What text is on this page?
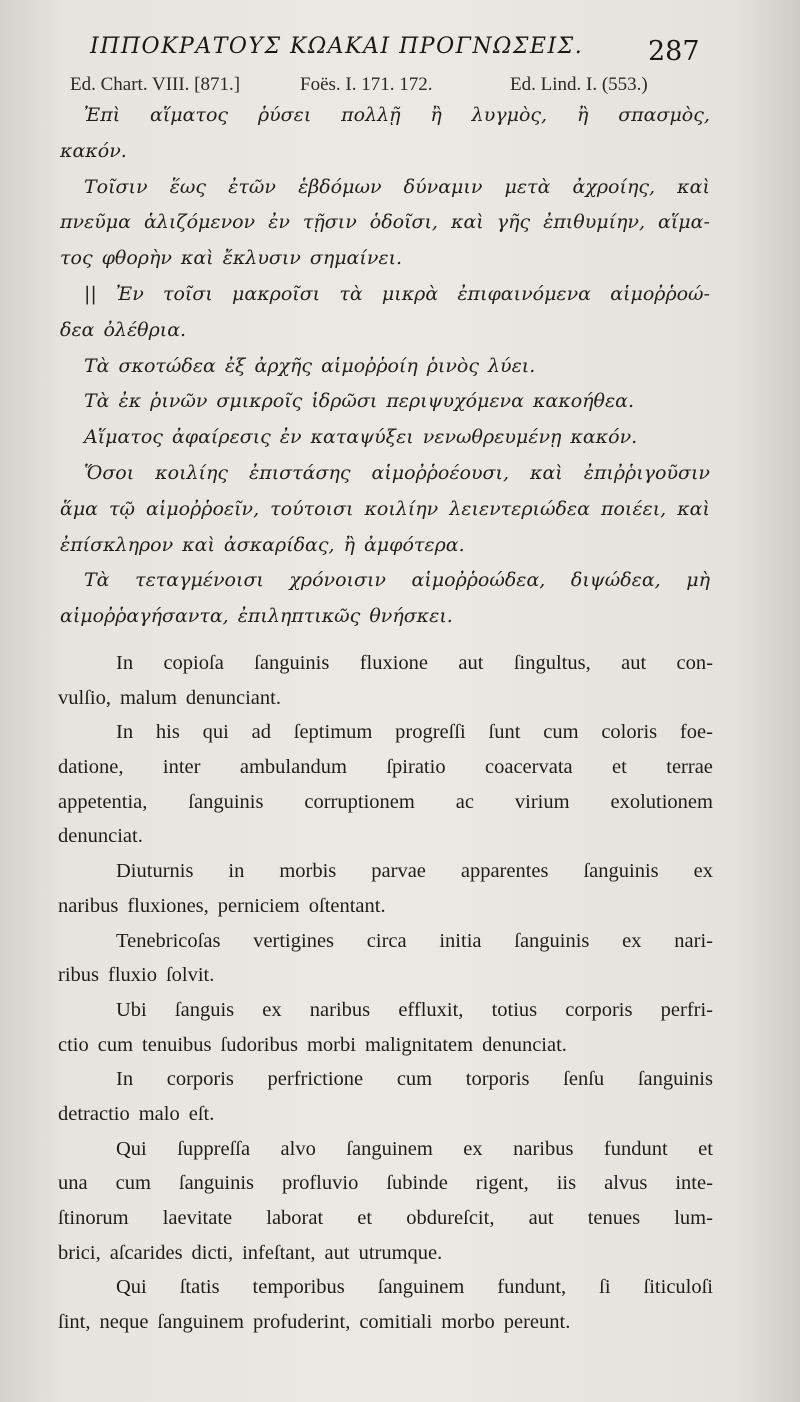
ΙΠΠΟΚΡΑΤΟΥΣ ΚΩΑΚΑΙ ΠΡΟΓΝΩΣΕΙΣ. 287
Ed. Chart. VIII. [871.]	Foës. I. 171. 172.	Ed. Lind. I. (553.)
Ἐπὶ αἵματος ῥύσει πολλῇ ἢ λυγμὸς, ἢ σπασμὸς,
κακόν.
Τοῖσιν ἕως ἐτῶν ἑβδόμων δύναμιν μετὰ ἀχροίης, καὶ
πνεῦμα ἁλιζόμενον ἐν τῇσιν ὁδοῖσι, καὶ γῆς ἐπιθυμίην, αἵμα-
τος φθορὴν καὶ ἔκλυσιν σημαίνει.
|| Ἐν τοῖσι μακροῖσι τὰ μικρὰ ἐπιφαινόμενα αἱμοῤῥοώ-
δεα ὀλέθρια.
Τὰ σκοτώδεα ἐξ ἀρχῆς αἱμοῤῥοίη ῥινὸς λύει.
Τὰ ἐκ ῥινῶν σμικροῖς ἱδρῶσι περιψυχόμενα κακοήθεα.
Αἵματος ἀφαίρεσις ἐν καταψύξει νενωθρευμένῃ κακόν.
Ὅσοι κοιλίης ἐπιστάσης αἱμοῤῥοέουσι, καὶ ἐπιῤῥιγοῦσιν
ἅμα τῷ αἱμοῤῥοεῖν, τούτοισι κοιλίην λειεντεριώδεα ποιέει, καὶ
ἐπίσκληρον καὶ ἀσκαρίδας, ἢ ἀμφότερα.
Τὰ τεταγμένοισι χρόνοισιν αἱμοῤῥοώδεα, διψώδεα, μὴ
αἱμοῤῥαγήσαντα, ἐπιληπτικῶς θνήσκει.
In copioſa ſanguinis fluxione aut ſingultus, aut con-
vulſio, malum denunciant.
In his qui ad ſeptimum progreſſi ſunt cum coloris foe-
datione, inter ambulandum ſpiratio coacervata et terrae
appetentia, ſanguinis corruptionem ac virium exolutionem
denunciat.
Diuturnis in morbis parvae apparentes ſanguinis ex
naribus fluxiones, perniciem oſtentant.
Tenebricoſas vertigines circa initia ſanguinis ex nari-
ribus fluxio ſolvit.
Ubi ſanguis ex naribus effluxit, totius corporis perfri-
ctio cum tenuibus ſudoribus morbi malignitatem denunciat.
In corporis perfrictione cum torporis ſenſu ſanguinis
detractio malo eſt.
Qui ſuppreſſa alvo ſanguinem ex naribus fundunt et
una cum ſanguinis profluvio ſubinde rigent, iis alvus inte-
ſtinorum laevitate laborat et obdureſcit, aut tenues lum-
brici, aſcarides dicti, infeſtant, aut utrumque.
Qui ſtatis temporibus ſanguinem fundunt, ſi ſiticuloſi
ſint, neque ſanguinem profuderint, comitiali morbo pereunt.
